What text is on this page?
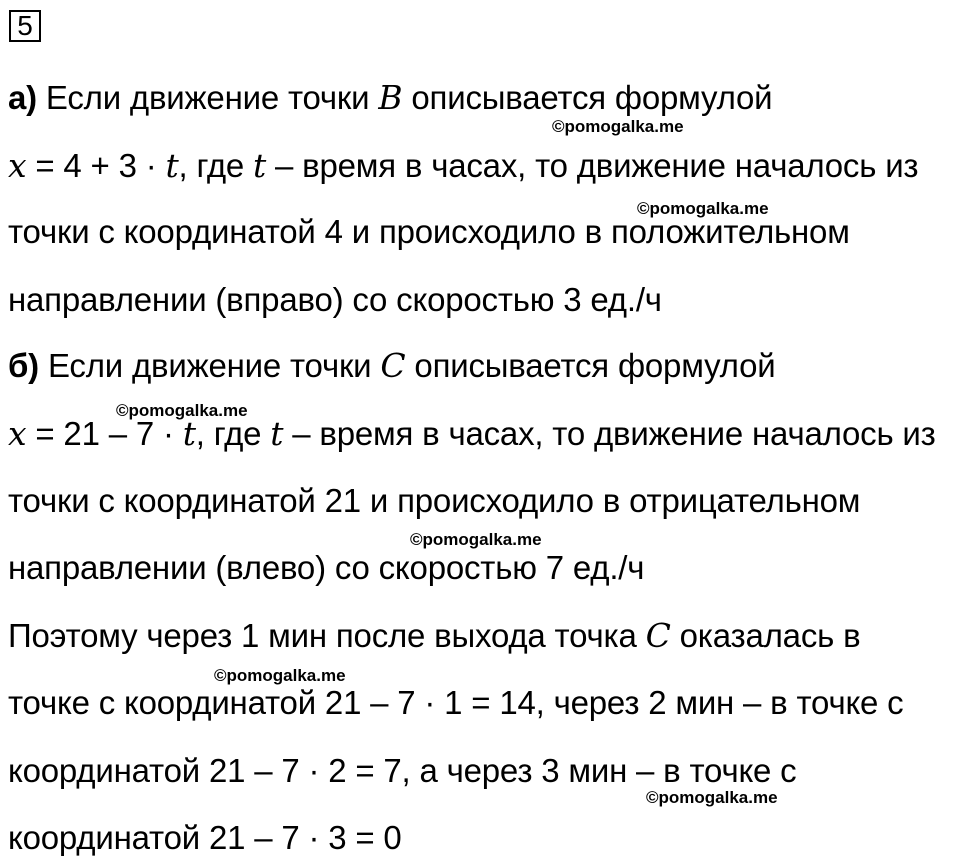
5
а) Если движение точки B описывается формулой
x = 4 + 3 · t, где t – время в часах, то движение началось из
точки с координатой 4 и происходило в положительном
направлении (вправо) со скоростью 3 ед./ч
б) Если движение точки C описывается формулой
x = 21 – 7 · t, где t – время в часах, то движение началось из
точки с координатой 21 и происходило в отрицательном
направлении (влево) со скоростью 7 ед./ч
Поэтому через 1 мин после выхода точка C оказалась в
точке с координатой 21 – 7 · 1 = 14, через 2 мин – в точке с
координатой 21 – 7 · 2 = 7, а через 3 мин – в точке с
координатой 21 – 7 · 3 = 0
©pomogalka.me
©pomogalka.me
©pomogalka.me
©pomogalka.me
©pomogalka.me
©pomogalka.me
